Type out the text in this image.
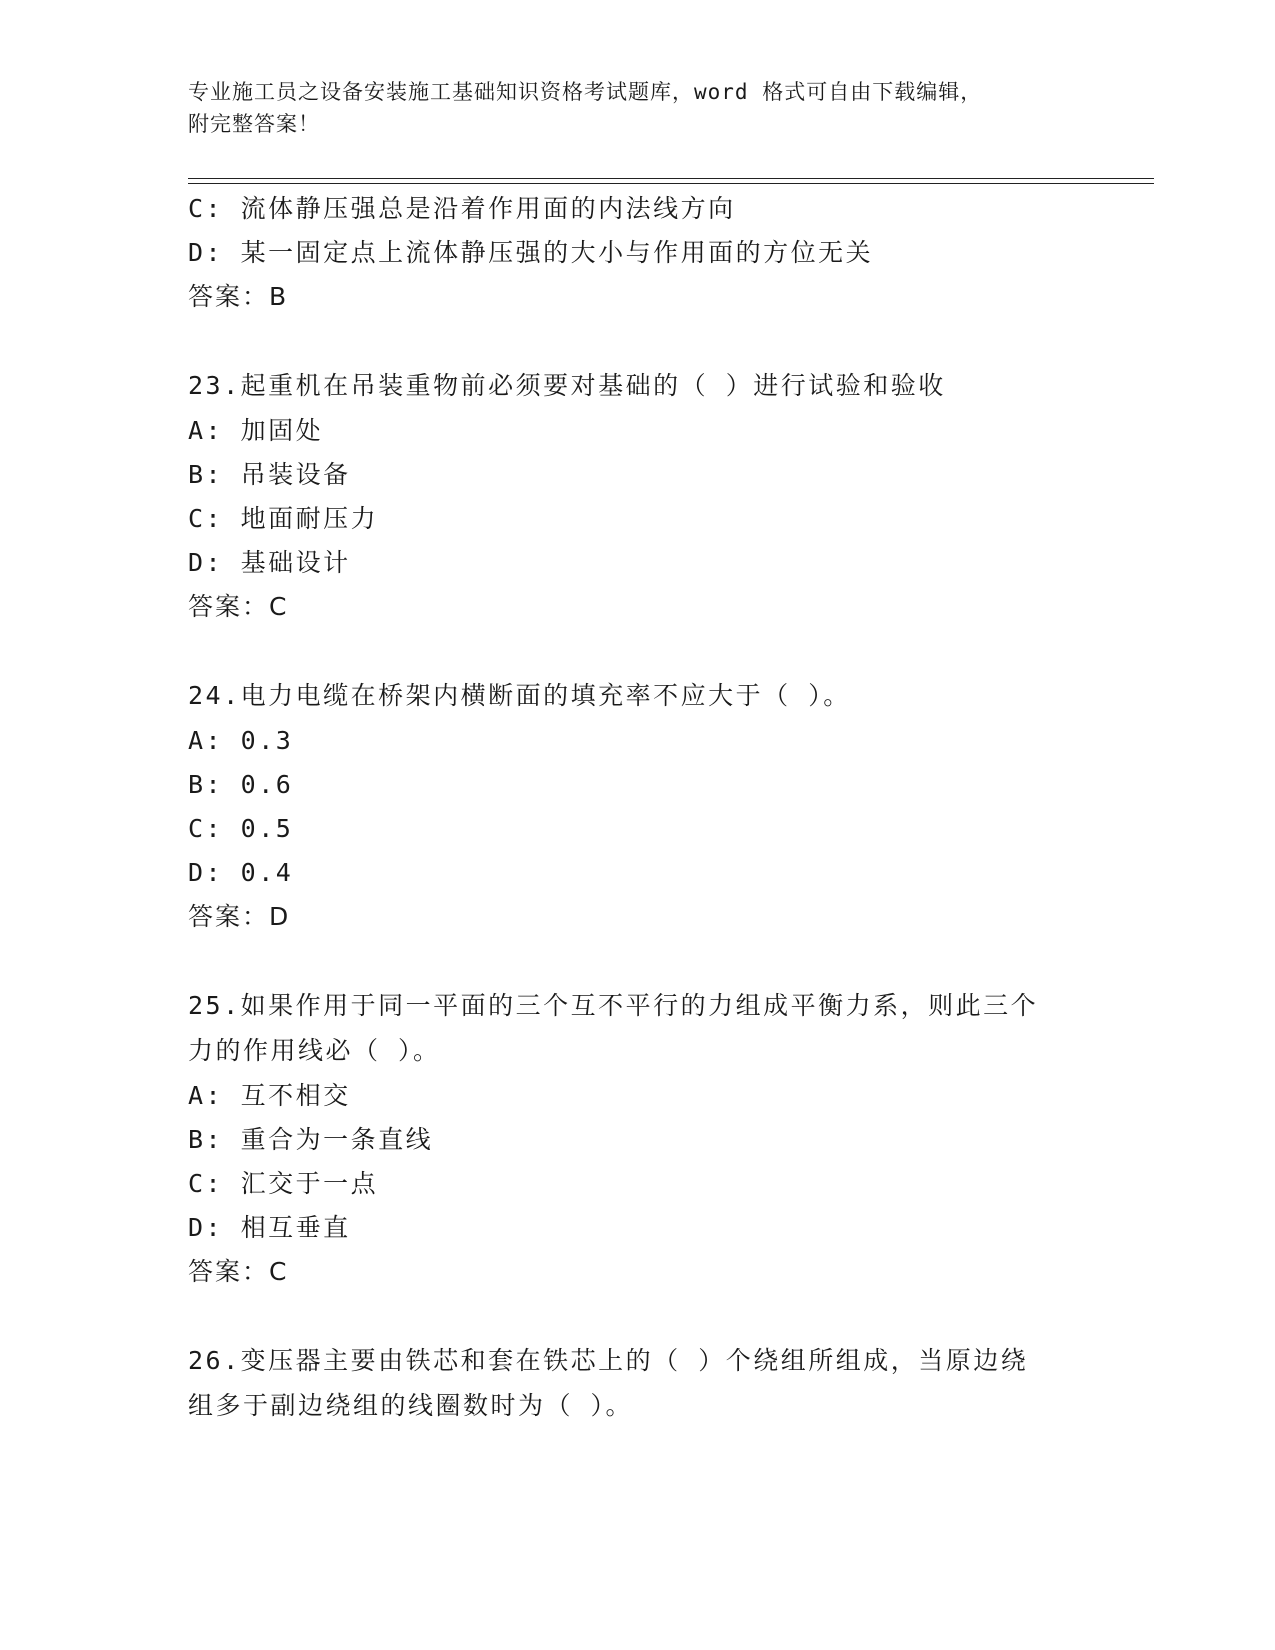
专业施工员之设备安装施工基础知识资格考试题库，word 格式可自由下载编辑，
附完整答案！
C: 流体静压强总是沿着作用面的内法线方向
D: 某一固定点上流体静压强的大小与作用面的方位无关
答案：B
23.起重机在吊装重物前必须要对基础的（ ）进行试验和验收
A: 加固处
B: 吊装设备
C: 地面耐压力
D: 基础设计
答案：C
24.电力电缆在桥架内横断面的填充率不应大于（ ）。
A: 0.3
B: 0.6
C: 0.5
D: 0.4
答案：D
25.如果作用于同一平面的三个互不平行的力组成平衡力系，则此三个
力的作用线必（ ）。
A: 互不相交
B: 重合为一条直线
C: 汇交于一点
D: 相互垂直
答案：C
26.变压器主要由铁芯和套在铁芯上的（ ）个绕组所组成，当原边绕
组多于副边绕组的线圈数时为（ ）。
